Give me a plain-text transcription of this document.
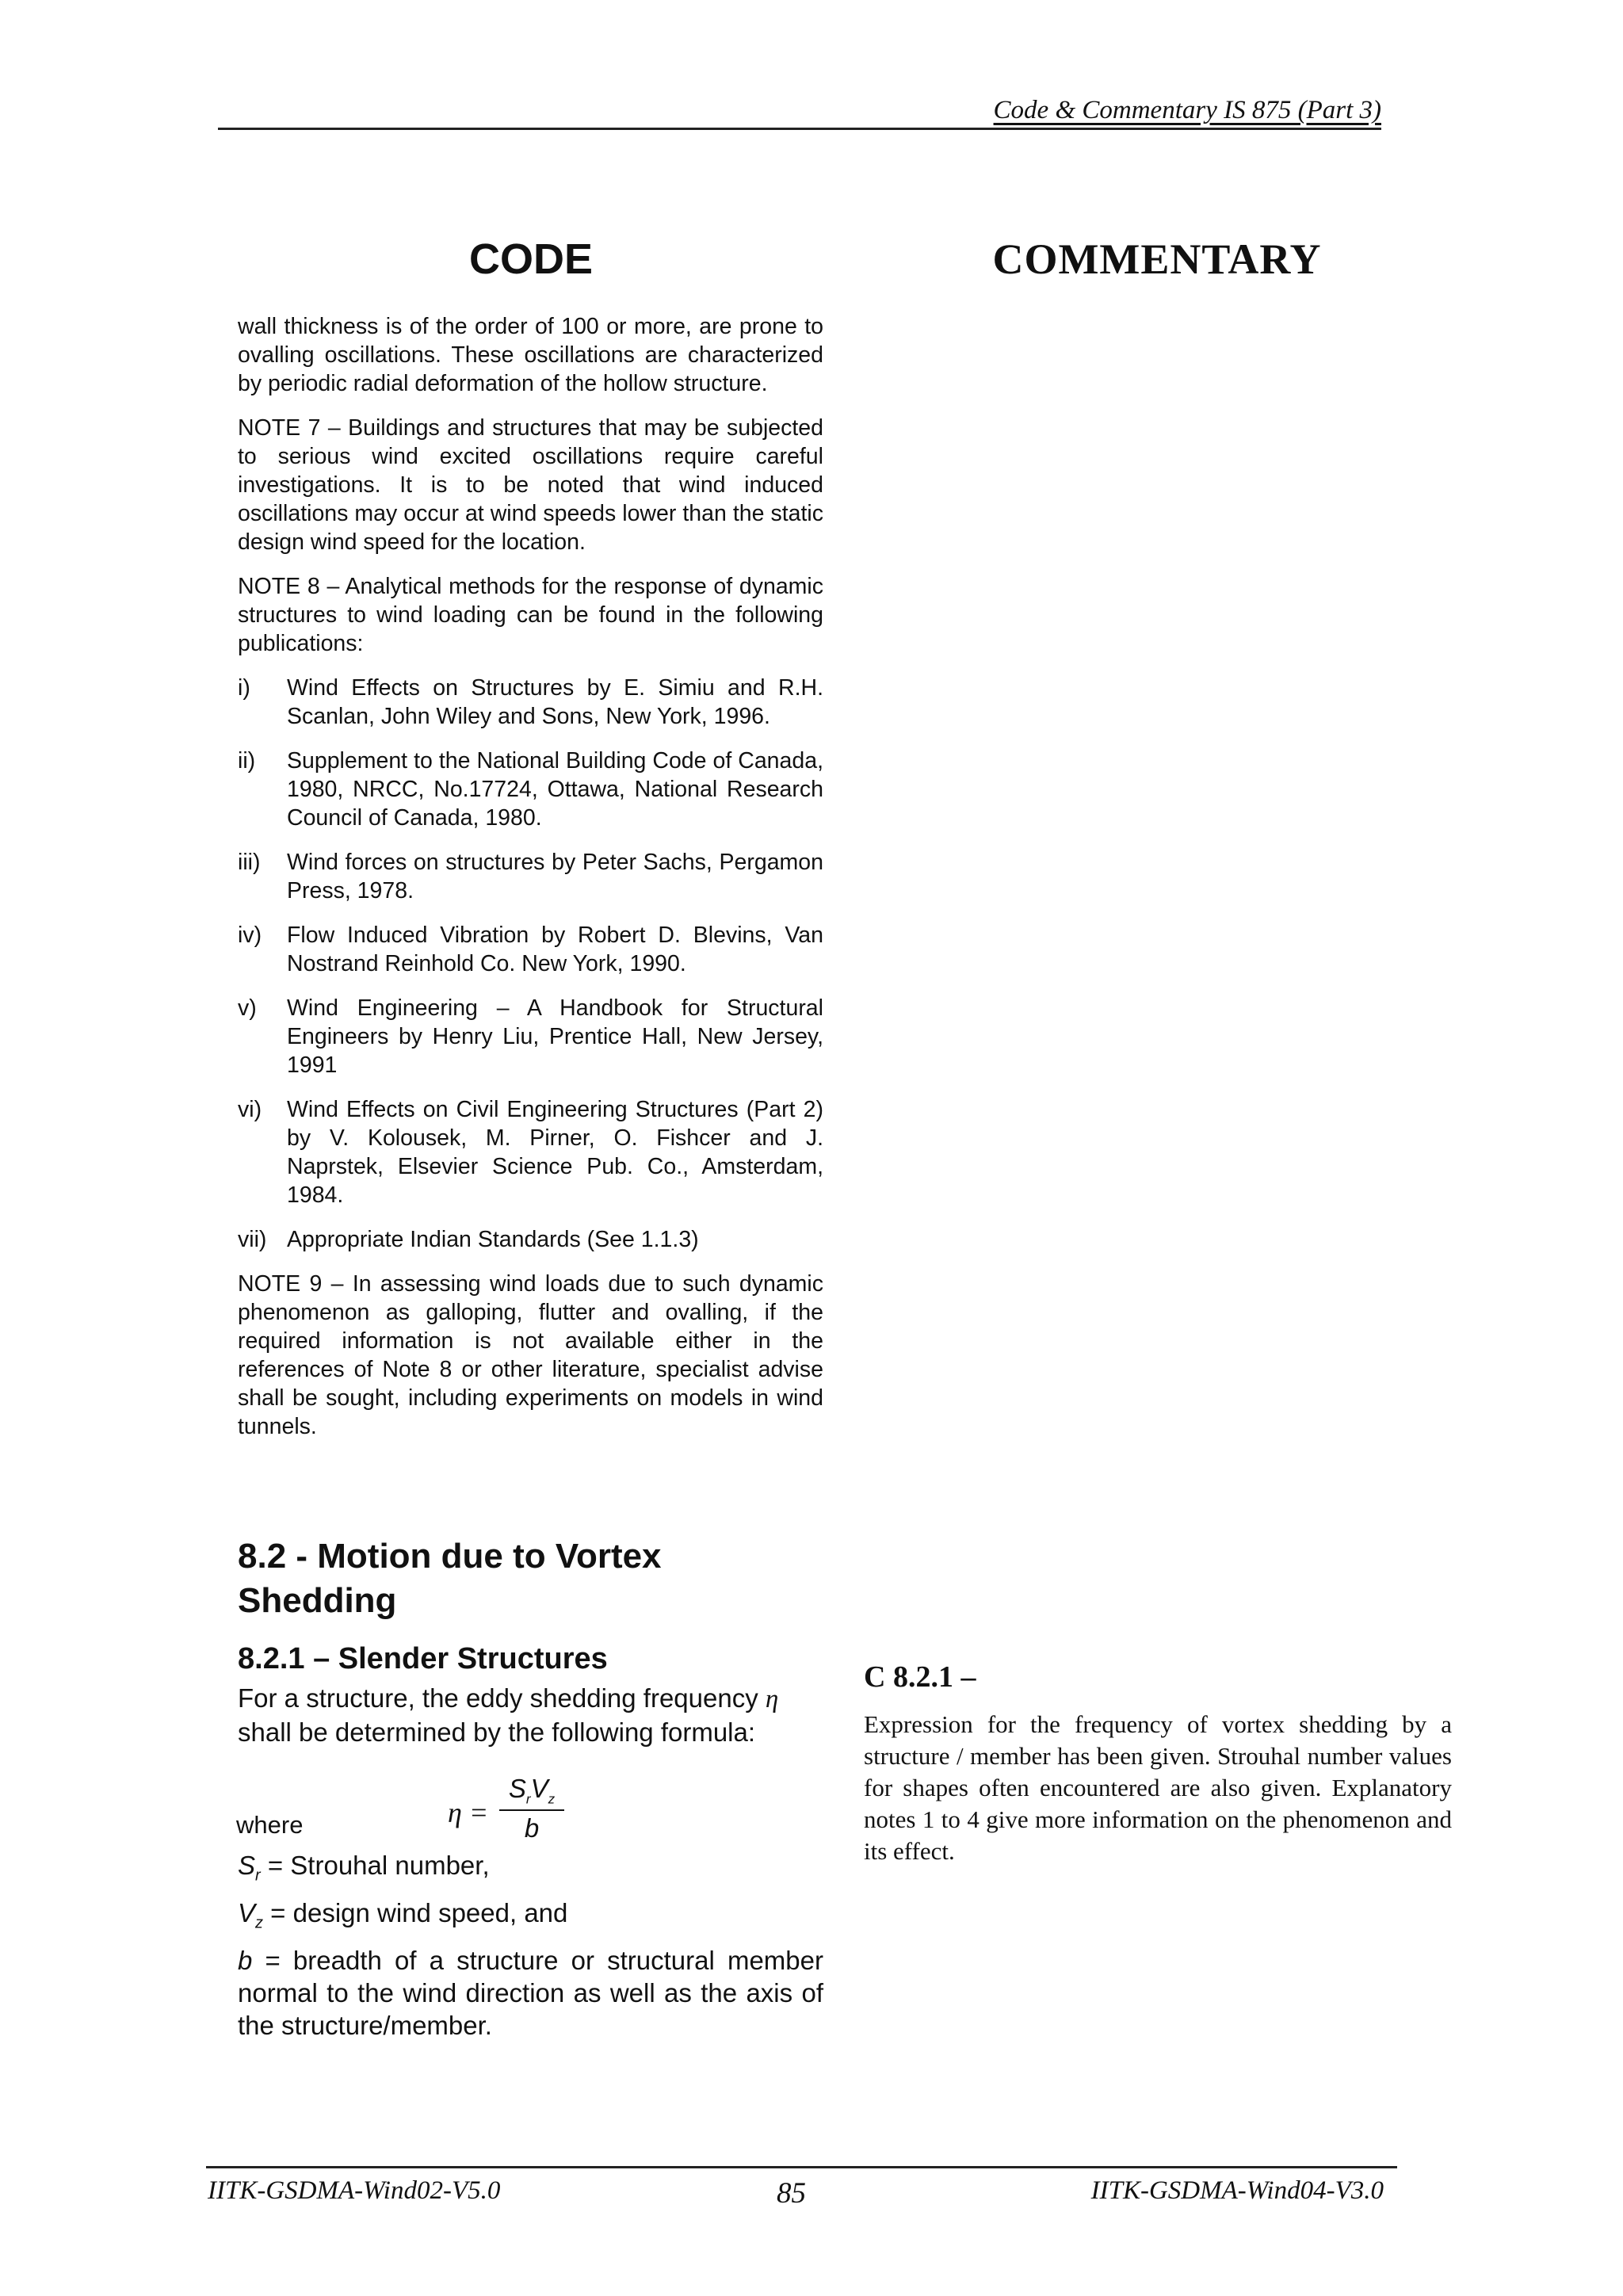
Code & Commentary IS 875 (Part 3)
CODE	COMMENTARY

wall thickness is of the order of 100 or more, are prone to ovalling oscillations. These oscillations are characterized by periodic radial deformation of the hollow structure.

NOTE 7 – Buildings and structures that may be subjected to serious wind excited oscillations require careful investigations. It is to be noted that wind induced oscillations may occur at wind speeds lower than the static design wind speed for the location.

NOTE 8 – Analytical methods for the response of dynamic structures to wind loading can be found in the following publications:

i) Wind Effects on Structures by E. Simiu and R.H. Scanlan, John Wiley and Sons, New York, 1996.
ii) Supplement to the National Building Code of Canada, 1980, NRCC, No.17724, Ottawa, National Research Council of Canada, 1980.
iii) Wind forces on structures by Peter Sachs, Pergamon Press, 1978.
iv) Flow Induced Vibration by Robert D. Blevins, Van Nostrand Reinhold Co. New York, 1990.
v) Wind Engineering – A Handbook for Structural Engineers by Henry Liu, Prentice Hall, New Jersey, 1991
vi) Wind Effects on Civil Engineering Structures (Part 2) by V. Kolousek, M. Pirner, O. Fishcer and J. Naprstek, Elsevier Science Pub. Co., Amsterdam, 1984.
vii) Appropriate Indian Standards (See 1.1.3)

NOTE 9 – In assessing wind loads due to such dynamic phenomenon as galloping, flutter and ovalling, if the required information is not available either in the references of Note 8 or other literature, specialist advise shall be sought, including experiments on models in wind tunnels.

8.2 - Motion due to Vortex Shedding
8.2.1 – Slender Structures
For a structure, the eddy shedding frequency η shall be determined by the following formula:
where	η =
$S_rV_z$
b
$S_r$ = Strouhal number,
$V_z$ = design wind speed, and
b = breadth of a structure or structural member normal to the wind direction as well as the axis of the structure/member.
C 8.2.1 –
Expression for the frequency of vortex shedding by a structure / member has been given. Strouhal number values for shapes often encountered are also given. Explanatory notes 1 to 4 give more information on the phenomenon and its effect.
IITK-GSDMA-Wind02-V5.0	85	IITK-GSDMA-Wind04-V3.0
